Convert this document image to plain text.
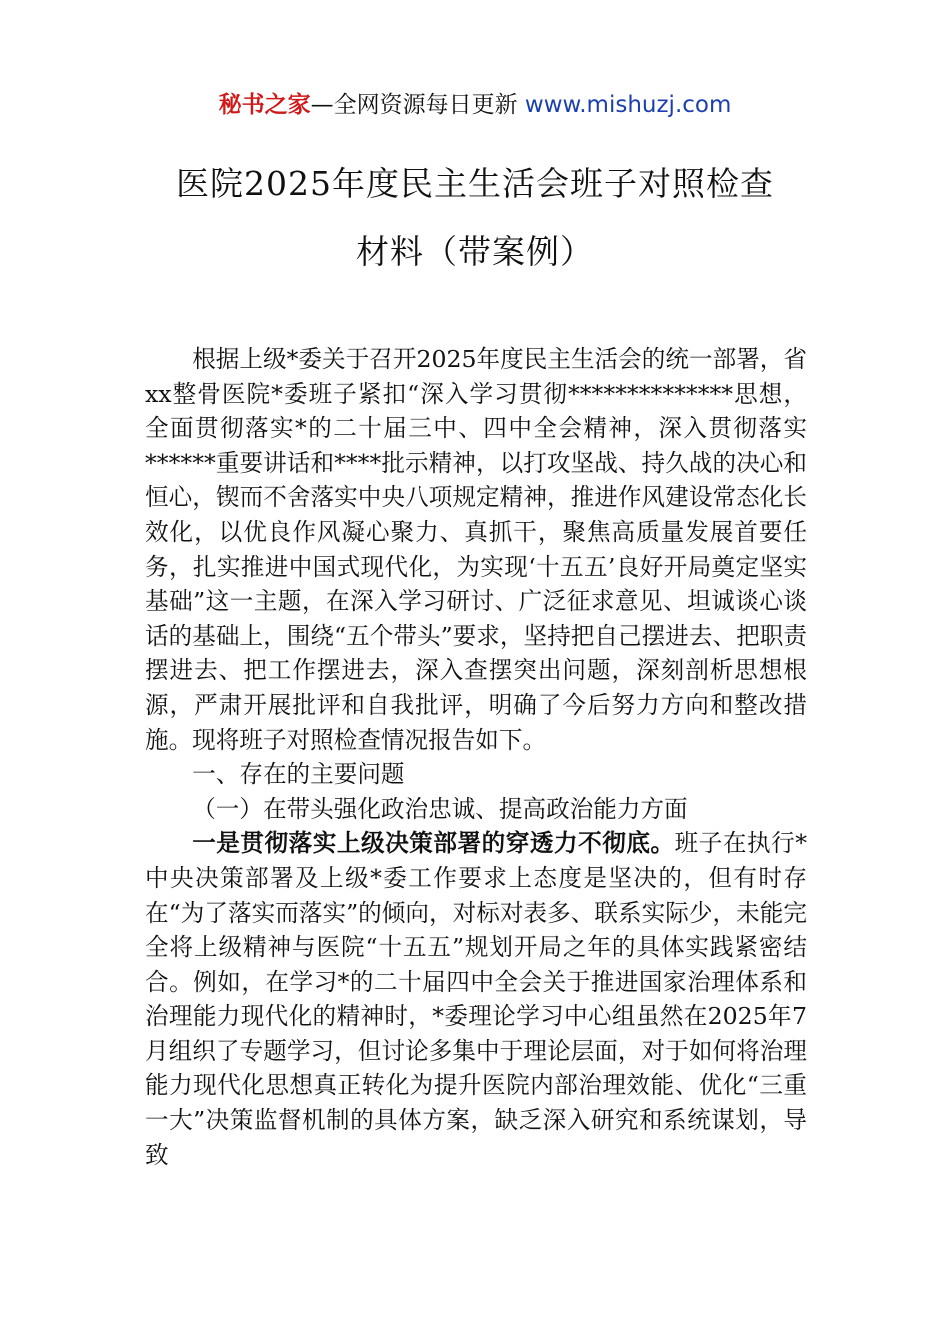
秘书之家—全网资源每日更新 www.mishuzj.com
医院2025年度民主生活会班子对照检查
材料（带案例）

根据上级*委关于召开2025年度民主生活会的统一部署，省xx整骨医院*委班子紧扣“深入学习贯彻**************思想，全面贯彻落实*的二十届三中、四中全会精神，深入贯彻落实******重要讲话和****批示精神，以打攻坚战、持久战的决心和恒心，锲而不舍落实中央八项规定精神，推进作风建设常态化长效化，以优良作风凝心聚力、真抓干，聚焦高质量发展首要任务，扎实推进中国式现代化，为实现‘十五五’良好开局奠定坚实基础”这一主题，在深入学习研讨、广泛征求意见、坦诚谈心谈话的基础上，围绕“五个带头”要求，坚持把自己摆进去、把职责摆进去、把工作摆进去，深入查摆突出问题，深刻剖析思想根源，严肃开展批评和自我批评，明确了今后努力方向和整改措施。现将班子对照检查情况报告如下。

一、存在的主要问题

（一）在带头强化政治忠诚、提高政治能力方面

一是贯彻落实上级决策部署的穿透力不彻底。班子在执行*中央决策部署及上级*委工作要求上态度是坚决的，但有时存在“为了落实而落实”的倾向，对标对表多、联系实际少，未能完全将上级精神与医院“十五五”规划开局之年的具体实践紧密结合。例如，在学习*的二十届四中全会关于推进国家治理体系和治理能力现代化的精神时，*委理论学习中心组虽然在2025年7月组织了专题学习，但讨论多集中于理论层面，对于如何将治理能力现代化思想真正转化为提升医院内部治理效能、优化“三重一大”决策监督机制的具体方案，缺乏深入研究和系统谋划，导致
